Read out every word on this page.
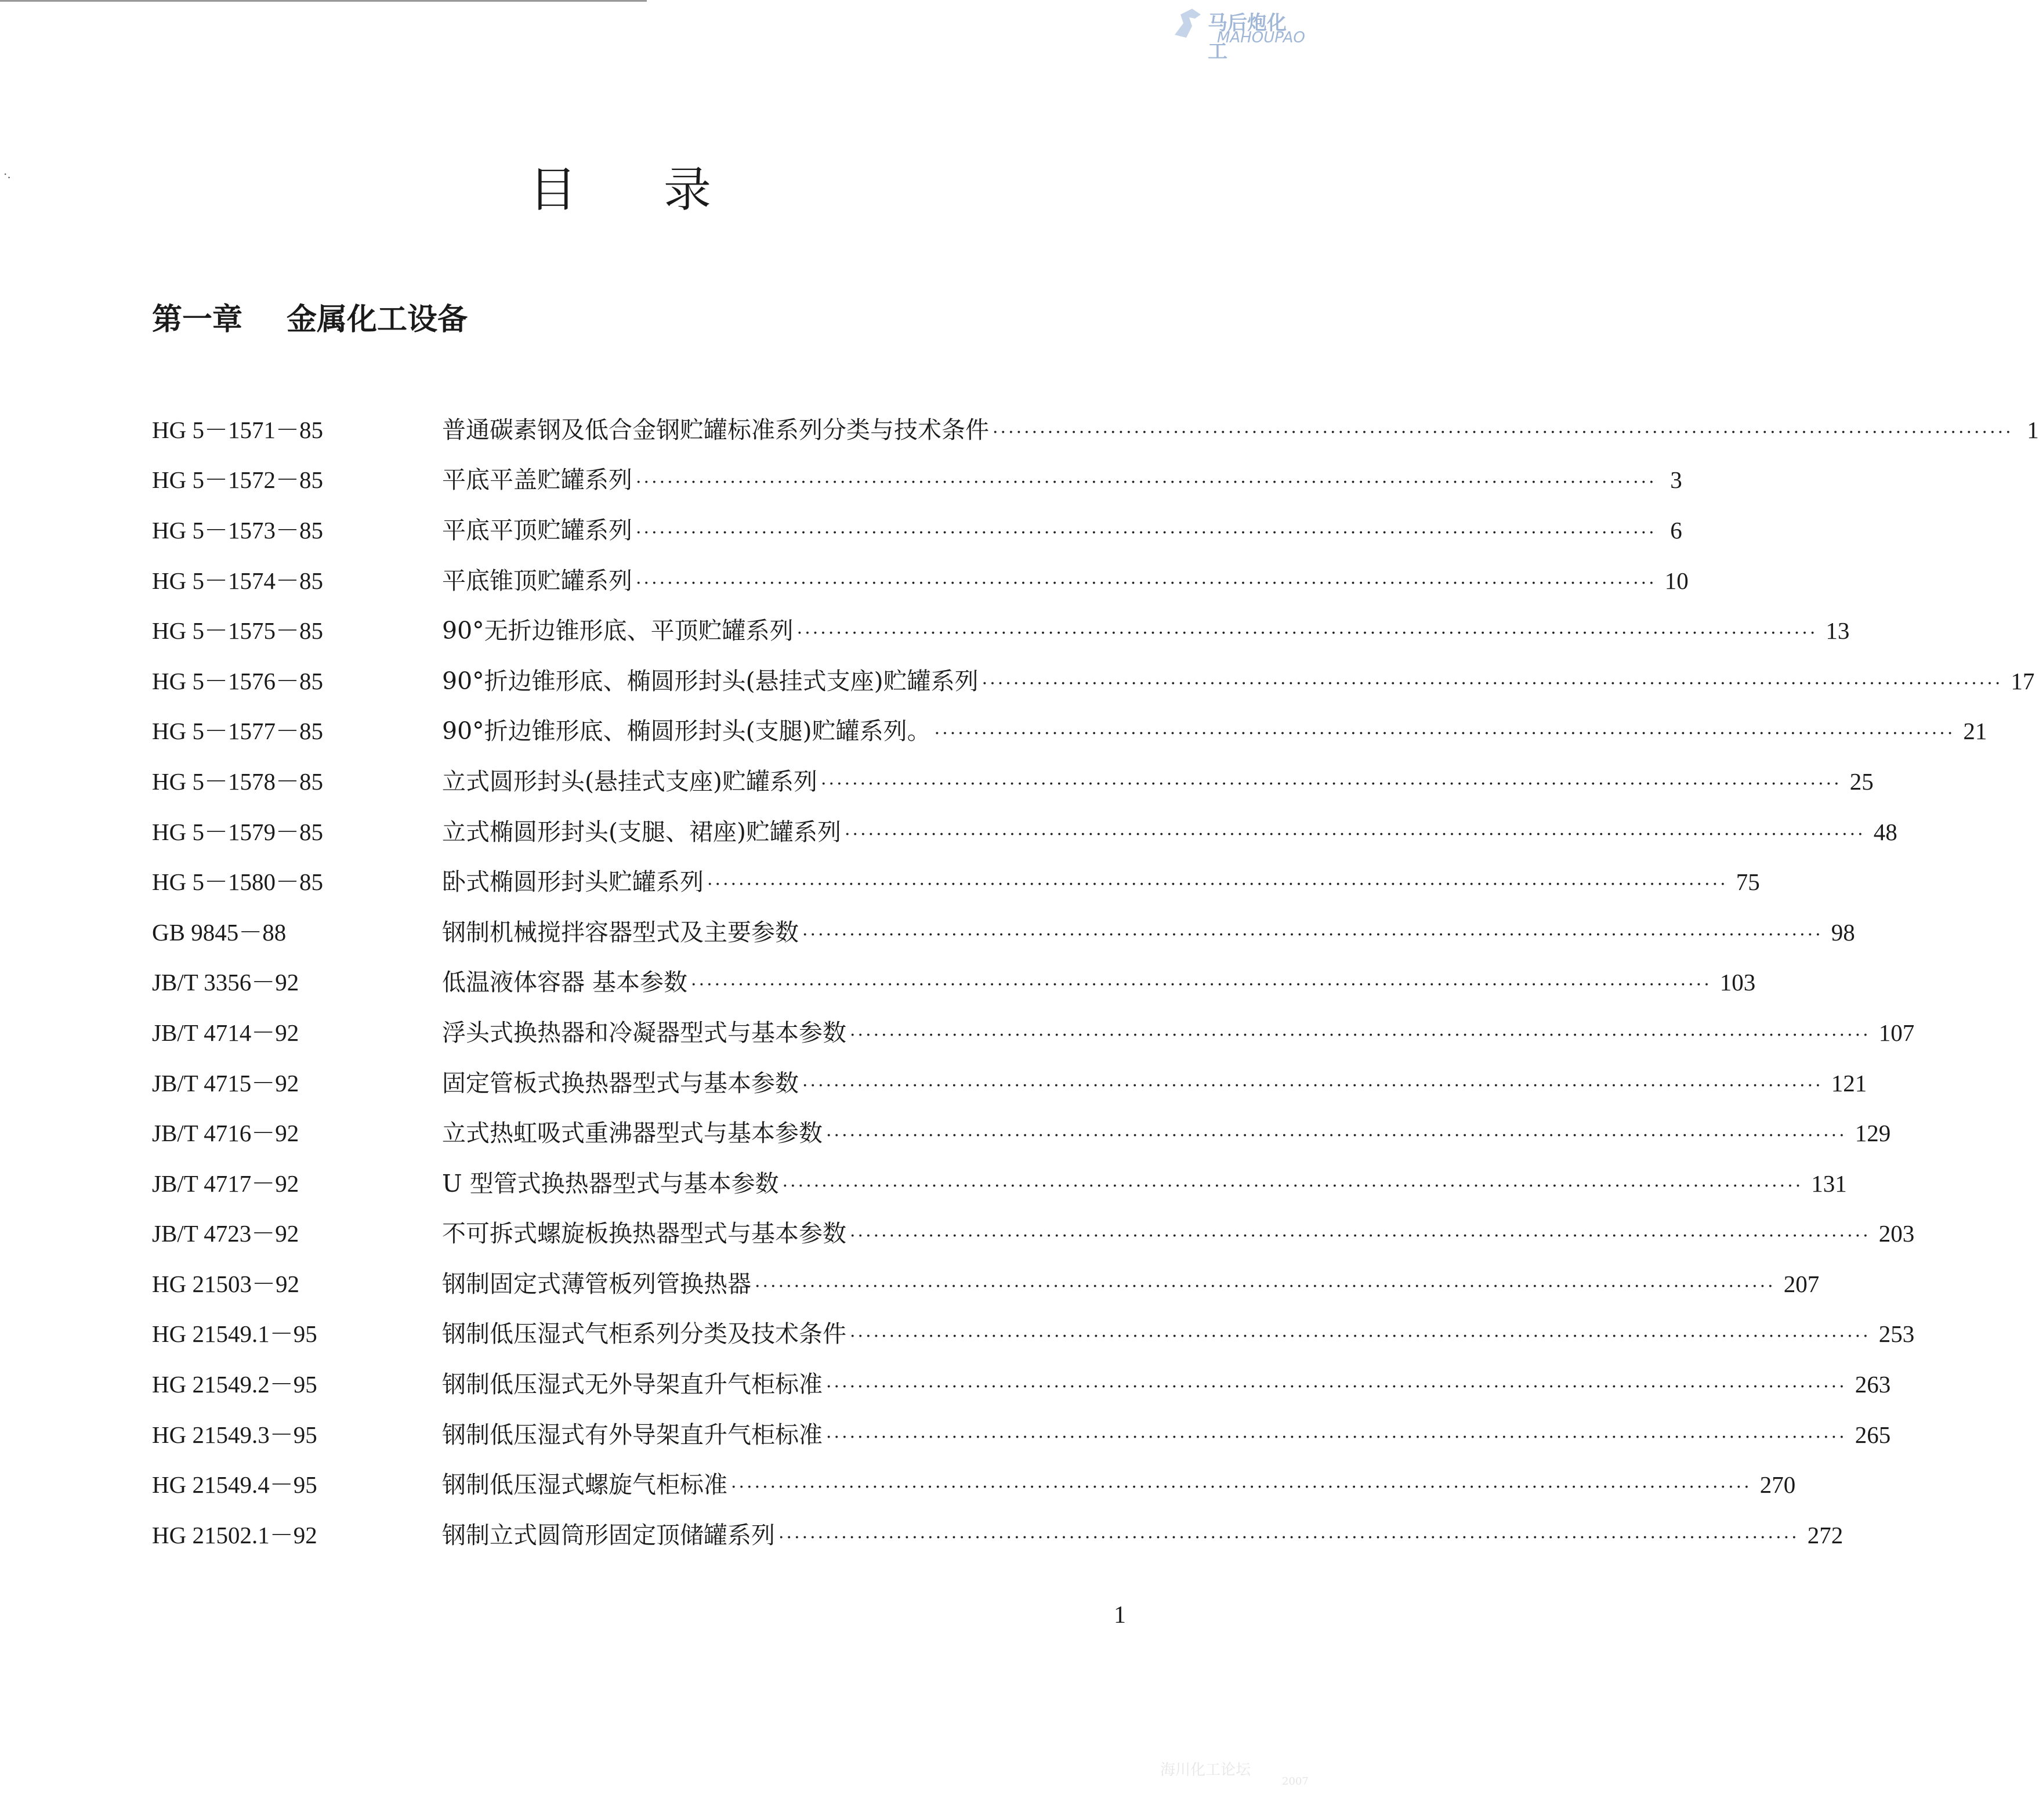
·.
马后炮化工
MAHOUPAO
目录
第一章 金属化工设备
HG 5－1571－85	普通碳素钢及低合金钢贮罐标准系列分类与技术条件 ·····	1
HG 5－1572－85	平底平盖贮罐系列 ·····	3
HG 5－1573－85	平底平顶贮罐系列 ·····	6
HG 5－1574－85	平底锥顶贮罐系列 ·····	10
HG 5－1575－85	90°无折边锥形底、平顶贮罐系列 ·····	13
HG 5－1576－85	90°折边锥形底、椭圆形封头(悬挂式支座)贮罐系列 ·····	17
HG 5－1577－85	90°折边锥形底、椭圆形封头(支腿)贮罐系列。 ·····	21
HG 5－1578－85	立式圆形封头(悬挂式支座)贮罐系列 ·····	25
HG 5－1579－85	立式椭圆形封头(支腿、裙座)贮罐系列 ·····	48
HG 5－1580－85	卧式椭圆形封头贮罐系列 ·····	75
GB 9845－88	钢制机械搅拌容器型式及主要参数 ·····	98
JB/T 3356－92	低温液体容器 基本参数 ·····	103
JB/T 4714－92	浮头式换热器和冷凝器型式与基本参数 ·····	107
JB/T 4715－92	固定管板式换热器型式与基本参数 ·····	121
JB/T 4716－92	立式热虹吸式重沸器型式与基本参数 ·····	129
JB/T 4717－92	U 型管式换热器型式与基本参数 ·····	131
JB/T 4723－92	不可拆式螺旋板换热器型式与基本参数 ·····	203
HG 21503－92	钢制固定式薄管板列管换热器 ·····	207
HG 21549.1－95	钢制低压湿式气柜系列分类及技术条件 ·····	253
HG 21549.2－95	钢制低压湿式无外导架直升气柜标准 ·····	263
HG 21549.3－95	钢制低压湿式有外导架直升气柜标准 ·····	265
HG 21549.4－95	钢制低压湿式螺旋气柜标准 ·····	270
HG 21502.1－92	钢制立式圆筒形固定顶储罐系列 ·····	272
1
海川化工论坛
2007
